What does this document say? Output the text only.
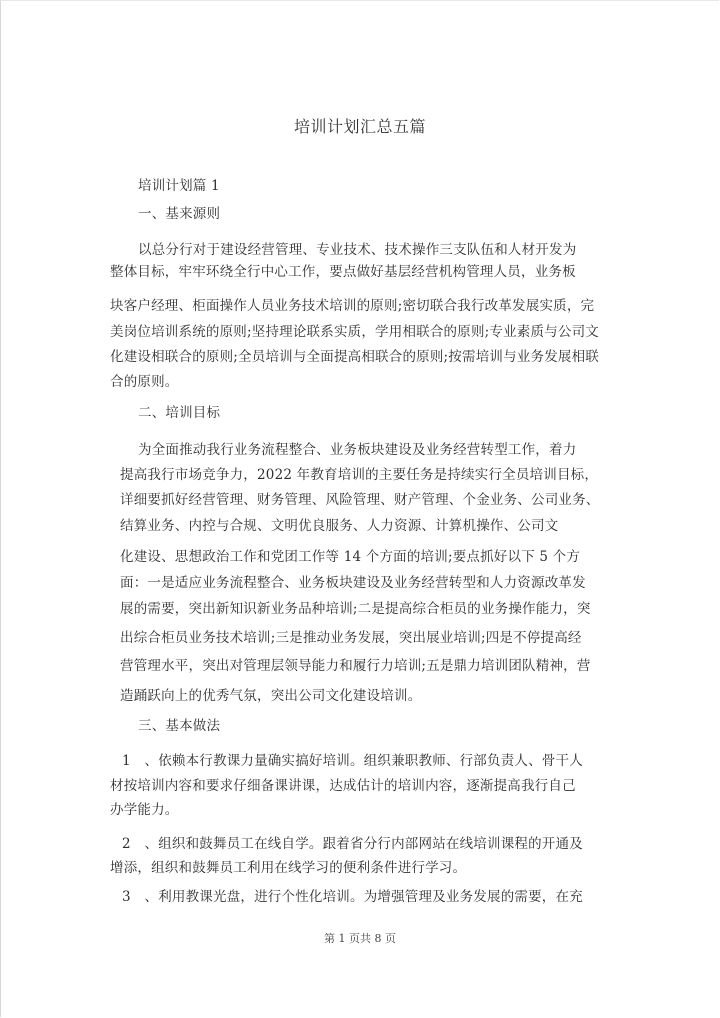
培训计划汇总五篇
培训计划篇 1
一、基来源则
以总分行对于建设经营管理、专业技术、技术操作三支队伍和人材开发为
整体目标，牢牢环绕全行中心工作，要点做好基层经营机构管理人员，业务板
块客户经理、柜面操作人员业务技术培训的原则;密切联合我行改革发展实质，完
美岗位培训系统的原则;坚持理论联系实质，学用相联合的原则;专业素质与公司文
化建设相联合的原则;全员培训与全面提高相联合的原则;按需培训与业务发展相联
合的原则。
二、培训目标
为全面推动我行业务流程整合、业务板块建设及业务经营转型工作，着力
提高我行市场竞争力，2022 年教育培训的主要任务是持续实行全员培训目标，
详细要抓好经营管理、财务管理、风险管理、财产管理、个金业务、公司业务、
结算业务、内控与合规、文明优良服务、人力资源、计算机操作、公司文
化建设、思想政治工作和党团工作等 14 个方面的培训;要点抓好以下 5 个方
面：一是适应业务流程整合、业务板块建设及业务经营转型和人力资源改革发
展的需要，突出新知识新业务品种培训;二是提高综合柜员的业务操作能力，突
出综合柜员业务技术培训;三是推动业务发展，突出展业培训;四是不停提高经
营管理水平，突出对管理层领导能力和履行力培训;五是鼎力培训团队精神，营
造踊跃向上的优秀气氛，突出公司文化建设培训。
三、基本做法
1　、依赖本行教课力量确实搞好培训。组织兼职教师、行部负责人、骨干人
材按培训内容和要求仔细备课讲课，达成估计的培训内容，逐渐提高我行自己
办学能力。
2　、组织和鼓舞员工在线自学。跟着省分行内部网站在线培训课程的开通及
增添，组织和鼓舞员工利用在线学习的便利条件进行学习。
3　、利用教课光盘，进行个性化培训。为增强管理及业务发展的需要，在充
第 1 页共 8 页
